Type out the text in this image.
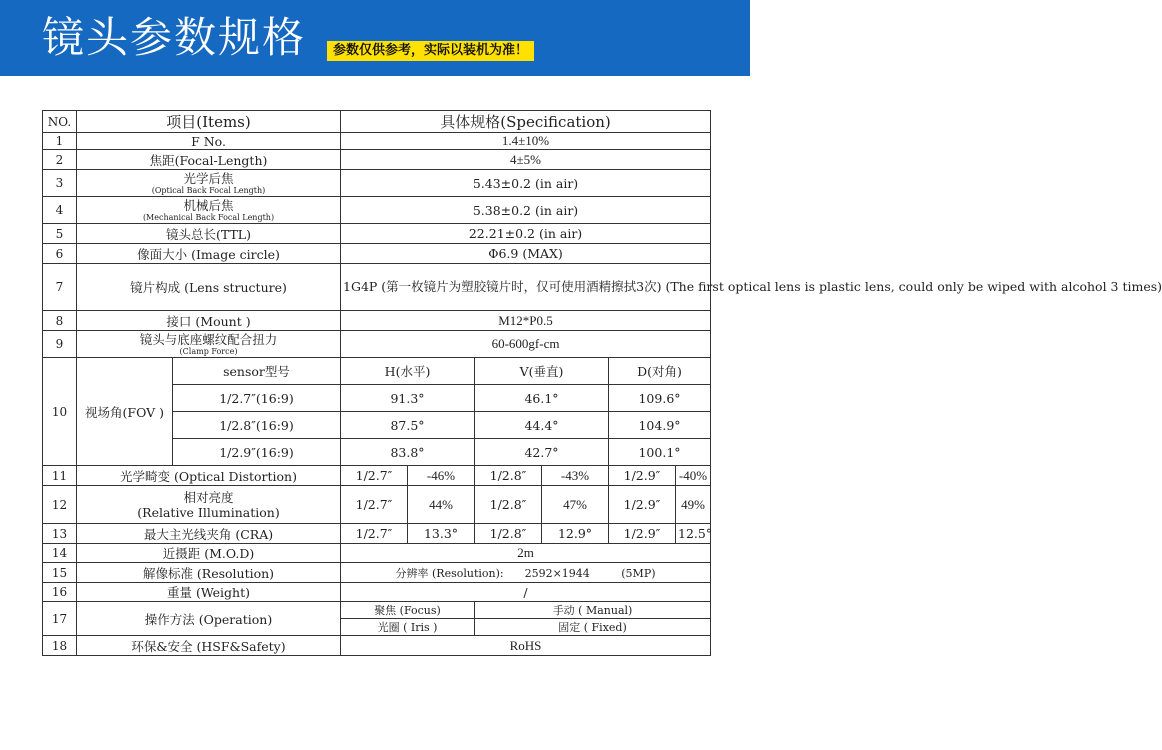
镜头参数规格	参数仅供参考，实际以装机为准！
NO.	项目(Items)		具体规格(Specification)					
1	F No.		1.4±10%					
2	焦距(Focal-Length)		4±5%					
3	光学后焦
(Optical Back Focal Length)		5.43±0.2 (in air)					
4	机械后焦
(Mechanical Back Focal Length)		5.38±0.2 (in air)					
5	镜头总长(TTL)		22.21±0.2 (in air)					
6	像面大小 (Image circle)		Φ6.9 (MAX)					
7	镜片构成 (Lens structure)		1G4P (第一枚镜片为塑胶镜片时，仅可使用酒精擦拭3次) (The first optical lens is plastic lens, could only be wiped with alcohol 3 times)					
8	接口 (Mount )		M12*P0.5					
9	镜头与底座螺纹配合扭力
(Clamp Force)		60-600gf-cm					
10	视场角(FOV )	sensor型号	H(水平)		V(垂直)		D(对角)	
		1/2.7″(16:9)	91.3°		46.1°		109.6°	
		1/2.8″(16:9)	87.5°		44.4°		104.9°	
		1/2.9″(16:9)	83.8°		42.7°		100.1°	
11	光学畸变 (Optical Distortion)		1/2.7″	-46%	1/2.8″	-43%	1/2.9″	-40%
12	相对亮度
(Relative Illumination)		1/2.7″	44%	1/2.8″	47%	1/2.9″	49%
13	最大主光线夹角 (CRA)		1/2.7″	13.3°	1/2.8″	12.9°	1/2.9″	12.5°
14	近摄距 (M.O.D)		2m					
15	解像标准 (Resolution)		分辨率 (Resolution):      2592×1944         (5MP)					
16	重量 (Weight)		/					
17	操作方法 (Operation)		聚焦 (Focus)		手动 ( Manual)			
			光圈 ( Iris )		固定 ( Fixed)			
18	环保&安全 (HSF&Safety)		RoHS					
